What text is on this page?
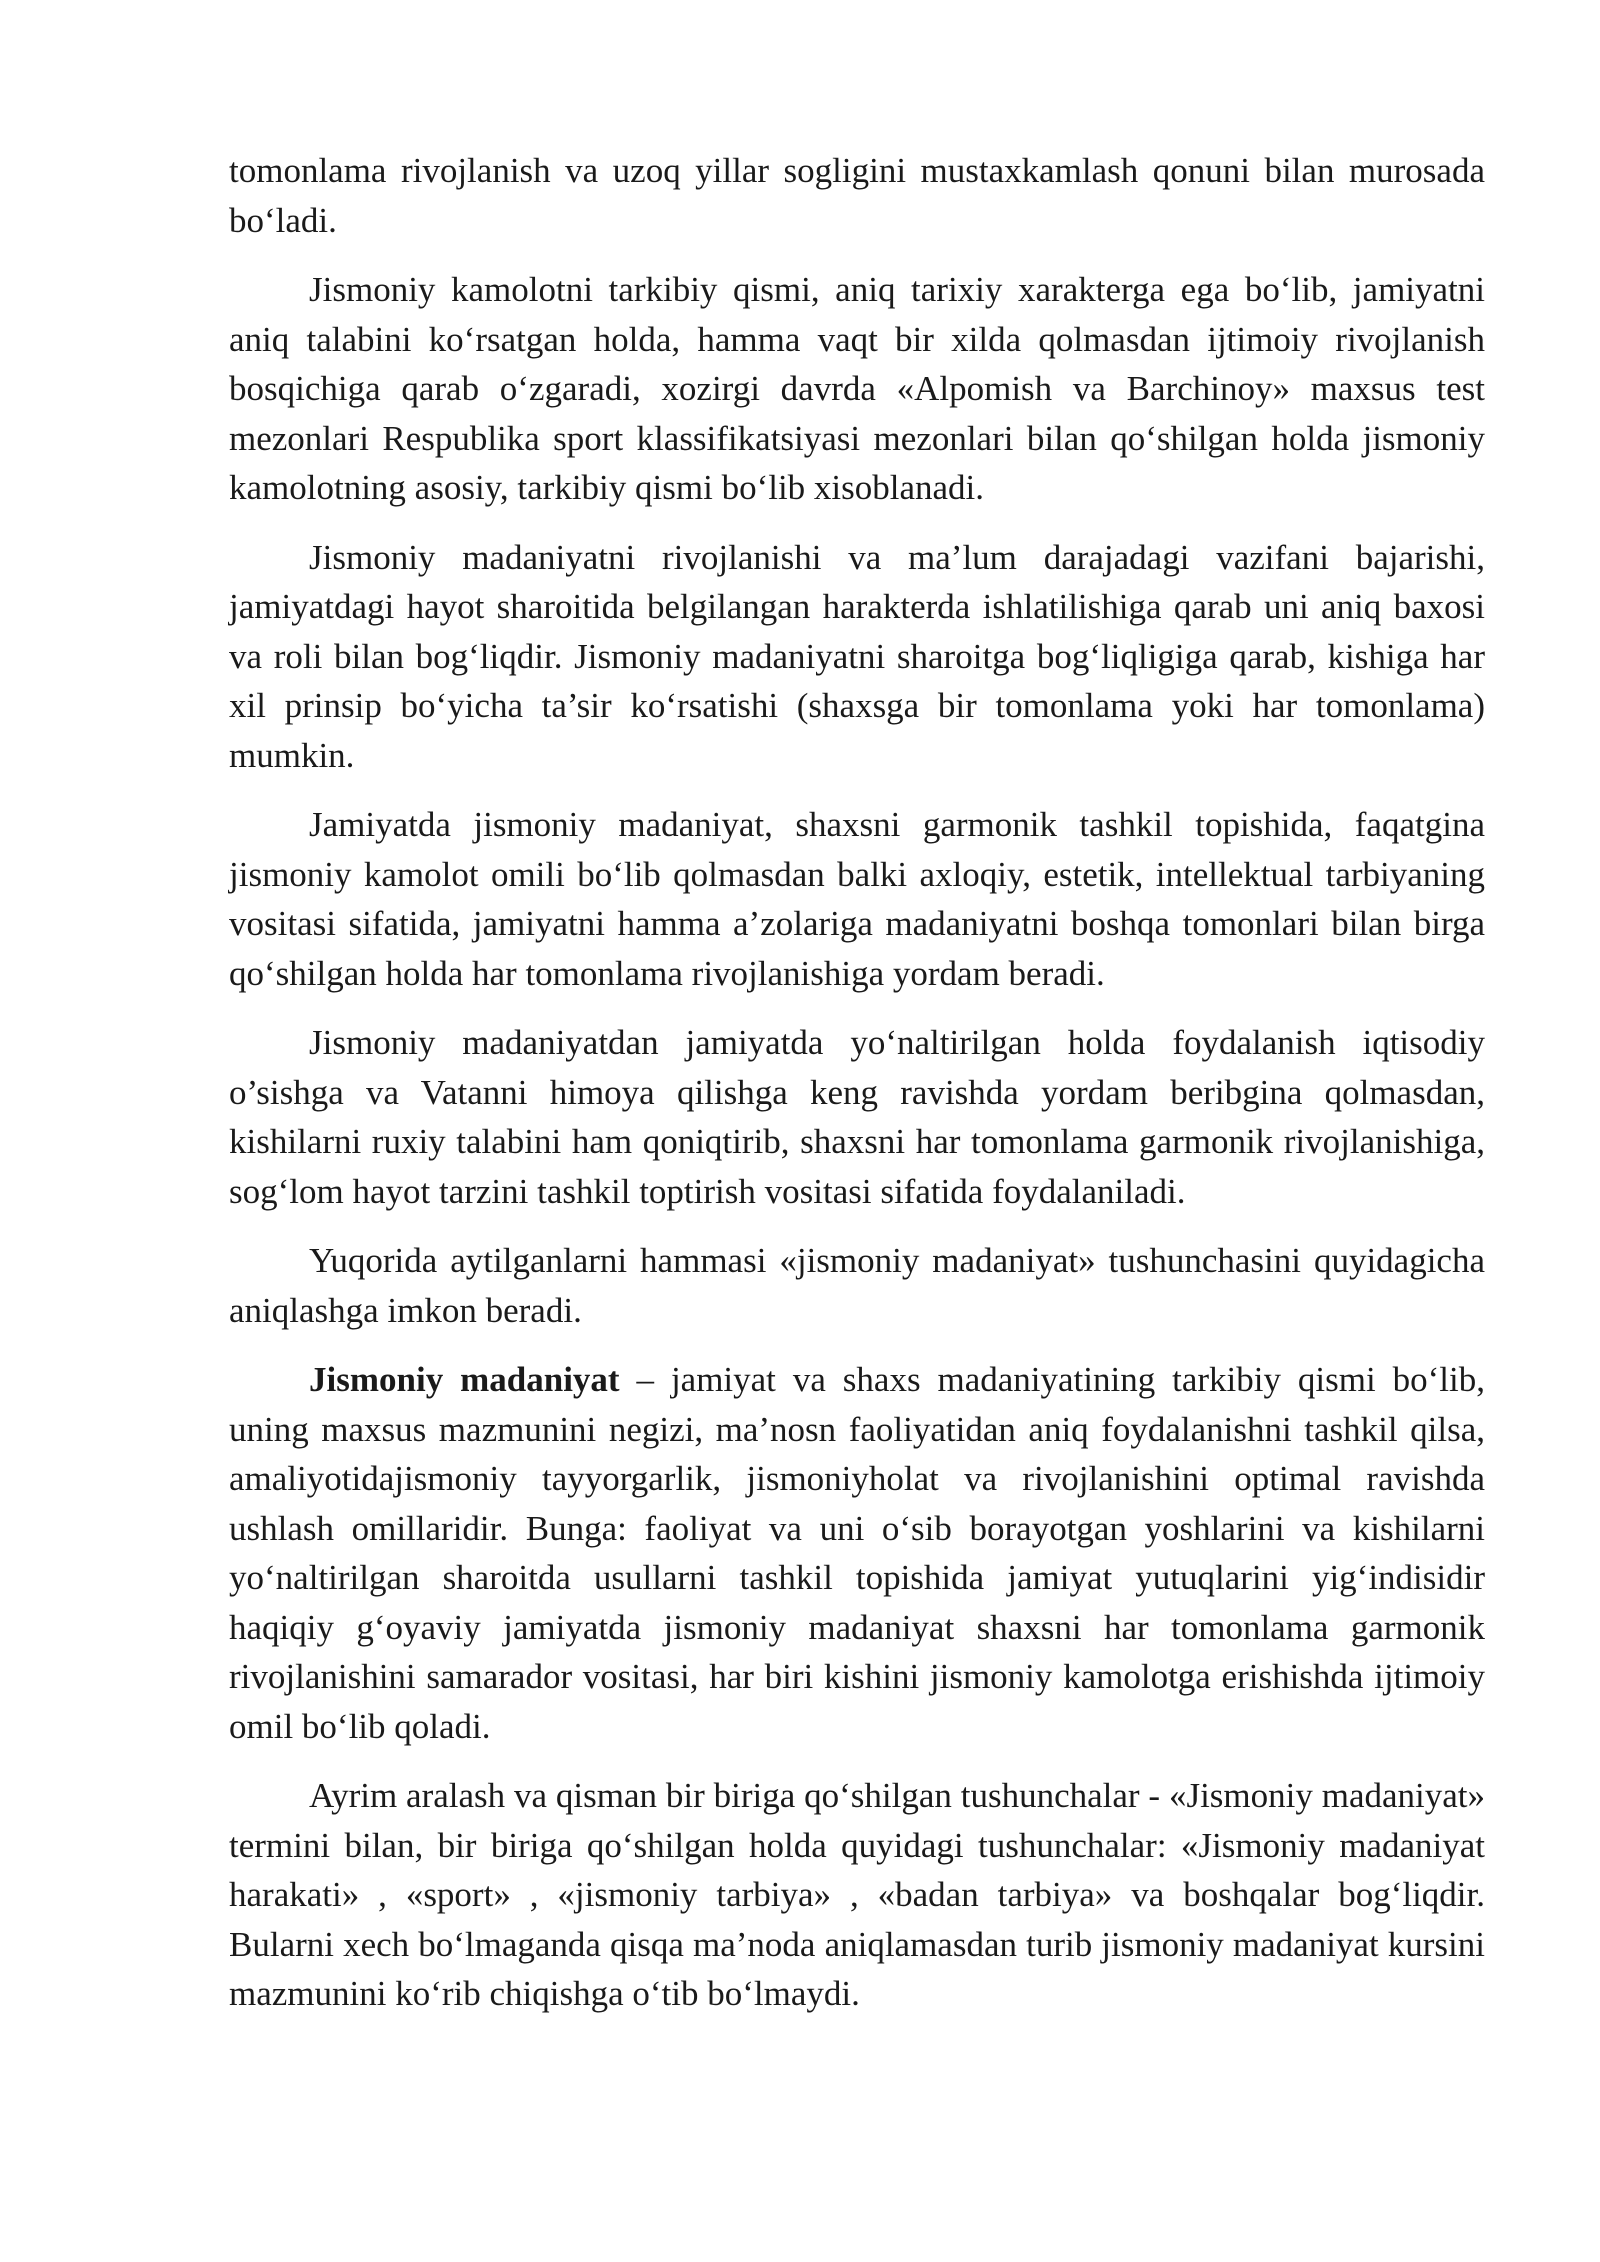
tomonlama rivojlanish va uzoq yillar sogligini mustaxkamlash qonuni bilan murosada bo‘ladi.

Jismoniy kamolotni tarkibiy qismi, aniq tarixiy xarakterga ega bo‘lib, jamiyatni aniq talabini ko‘rsatgan holda, hamma vaqt bir xilda qolmasdan ijtimoiy rivojlanish bosqichiga qarab o‘zgaradi, xozirgi davrda «Alpomish va Barchinoy» maxsus test mezonlari Respublika sport klassifikatsiyasi mezonlari bilan qo‘shilgan holda jismoniy kamolotning asosiy, tarkibiy qismi bo‘lib xisoblanadi.

Jismoniy madaniyatni rivojlanishi va ma’lum darajadagi vazifani bajarishi, jamiyatdagi hayot sharoitida belgilangan harakterda ishlatilishiga qarab uni aniq baxosi va roli bilan bog‘liqdir. Jismoniy madaniyatni sharoitga bog‘liqligiga qarab, kishiga har xil prinsip bo‘yicha ta’sir ko‘rsatishi (shaxsga bir tomonlama yoki har tomonlama) mumkin.

Jamiyatda jismoniy madaniyat, shaxsni garmonik tashkil topishida, faqatgina jismoniy kamolot omili bo‘lib qolmasdan balki axloqiy, estetik, intellektual tarbiyaning vositasi sifatida, jamiyatni hamma a’zolariga madaniyatni boshqa tomonlari bilan birga qo‘shilgan holda har tomonlama rivojlanishiga yordam beradi.

Jismoniy madaniyatdan jamiyatda yo‘naltirilgan holda foydalanish iqtisodiy o’sishga va Vatanni himoya qilishga keng ravishda yordam beribgina qolmasdan, kishilarni ruxiy talabini ham qoniqtirib, shaxsni har tomonlama garmonik rivojlanishiga, sog‘lom hayot tarzini tashkil toptirish vositasi sifatida foydalaniladi.

Yuqorida aytilganlarni hammasi «jismoniy madaniyat» tushunchasini quyidagicha aniqlashga imkon beradi.

Jismoniy madaniyat – jamiyat va shaxs madaniyatining tarkibiy qismi bo‘lib, uning maxsus mazmunini negizi, ma’nosn faoliyatidan aniq foydalanishni tashkil qilsa, amaliyotidajismoniy tayyorgarlik, jismoniyholat va rivojlanishini optimal ravishda ushlash omillaridir. Bunga: faoliyat va uni o‘sib borayotgan yoshlarini va kishilarni yo‘naltirilgan sharoitda usullarni tashkil topishida jamiyat yutuqlarini yig‘indisidir haqiqiy g‘oyaviy jamiyatda jismoniy madaniyat shaxsni har tomonlama garmonik rivojlanishini samarador vositasi, har biri kishini jismoniy kamolotga erishishda ijtimoiy omil bo‘lib qoladi.

Ayrim aralash va qisman bir biriga qo‘shilgan tushunchalar - «Jismoniy madaniyat» termini bilan, bir biriga qo‘shilgan holda quyidagi tushunchalar: «Jismoniy madaniyat harakati» , «sport» , «jismoniy tarbiya» , «badan tarbiya» va boshqalar bog‘liqdir. Bularni xech bo‘lmaganda qisqa ma’noda aniqlamasdan turib jismoniy madaniyat kursini mazmunini ko‘rib chiqishga o‘tib bo‘lmaydi.
